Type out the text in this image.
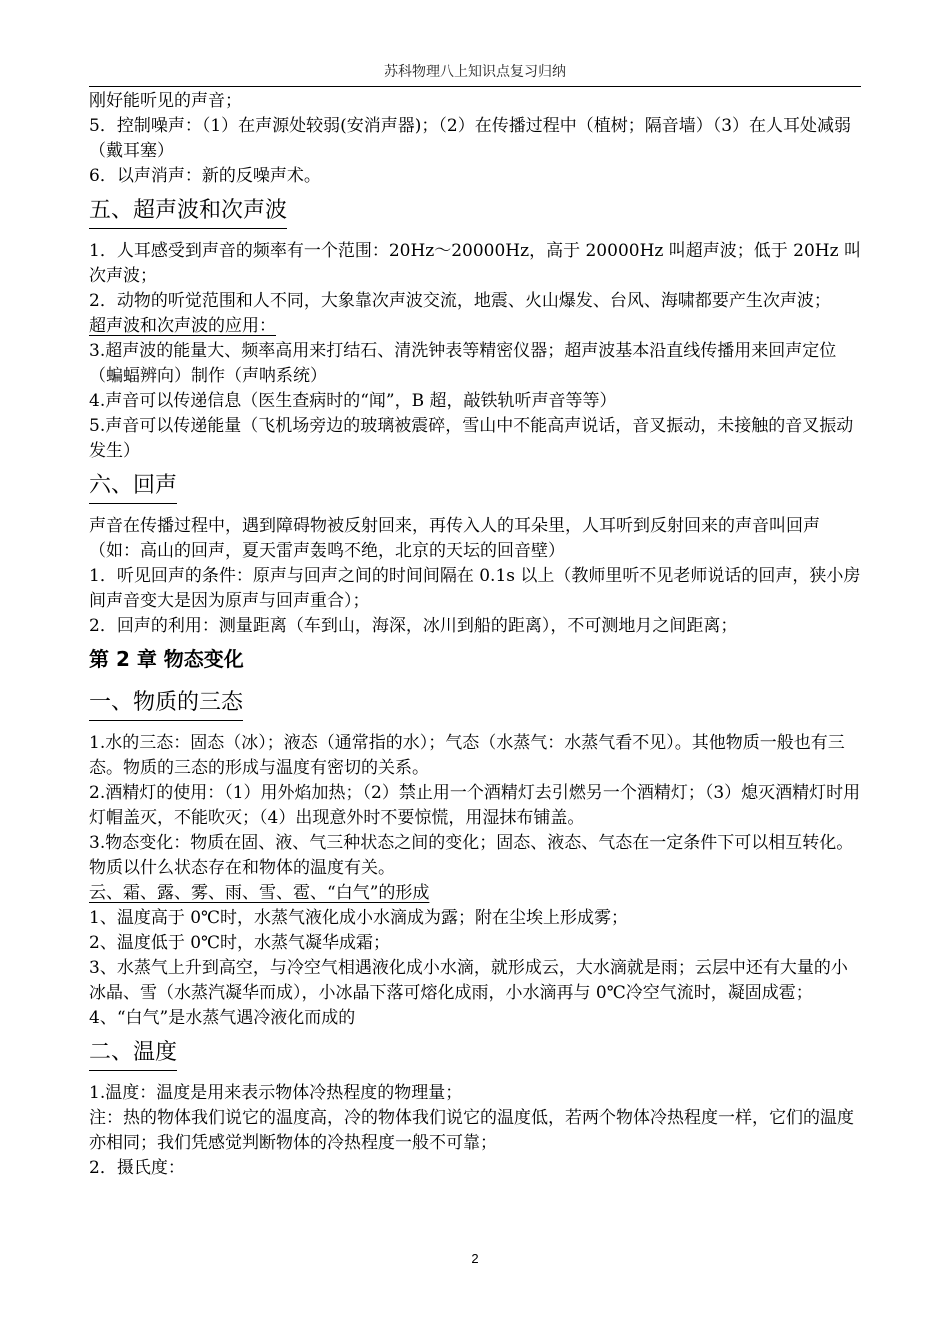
苏科物理八上知识点复习归纳

刚好能听见的声音；

5．控制噪声：（1）在声源处较弱(安消声器)；（2）在传播过程中（植树；隔音墙）（3）在人耳处减弱（戴耳塞）

6．以声消声：新的反噪声术。

五、超声波和次声波

1．人耳感受到声音的频率有一个范围：20Hz～20000Hz，高于 20000Hz 叫超声波；低于 20Hz 叫次声波；

2．动物的听觉范围和人不同，大象靠次声波交流，地震、火山爆发、台风、海啸都要产生次声波；

超声波和次声波的应用：

3.超声波的能量大、频率高用来打结石、清洗钟表等精密仪器；超声波基本沿直线传播用来回声定位（蝙蝠辨向）制作（声呐系统）

4.声音可以传递信息（医生查病时的“闻”，B 超，敲铁轨听声音等等）

5.声音可以传递能量（飞机场旁边的玻璃被震碎，雪山中不能高声说话，音叉振动，未接触的音叉振动发生）

六、回声

声音在传播过程中，遇到障碍物被反射回来，再传入人的耳朵里，人耳听到反射回来的声音叫回声（如：高山的回声，夏天雷声轰鸣不绝，北京的天坛的回音壁）

1．听见回声的条件：原声与回声之间的时间间隔在 0.1s 以上（教师里听不见老师说话的回声，狭小房间声音变大是因为原声与回声重合）；

2．回声的利用：测量距离（车到山，海深，冰川到船的距离），不可测地月之间距离；

第 2 章 物态变化
一、物质的三态

1.水的三态：固态（冰）；液态（通常指的水）；气态（水蒸气：水蒸气看不见）。其他物质一般也有三态。物质的三态的形成与温度有密切的关系。

2.酒精灯的使用：（1）用外焰加热；（2）禁止用一个酒精灯去引燃另一个酒精灯；（3）熄灭酒精灯时用灯帽盖灭，不能吹灭；（4）出现意外时不要惊慌，用湿抹布铺盖。

3.物态变化：物质在固、液、气三种状态之间的变化；固态、液态、气态在一定条件下可以相互转化。物质以什么状态存在和物体的温度有关。

云、霜、露、雾、雨、雪、雹、“白气”的形成

1、温度高于 0℃时，水蒸气液化成小水滴成为露；附在尘埃上形成雾；

2、温度低于 0℃时，水蒸气凝华成霜；

3、水蒸气上升到高空，与冷空气相遇液化成小水滴，就形成云，大水滴就是雨；云层中还有大量的小冰晶、雪（水蒸汽凝华而成），小冰晶下落可熔化成雨，小水滴再与 0℃冷空气流时，凝固成雹；

4、“白气”是水蒸气遇冷液化而成的

二、温度

1.温度：温度是用来表示物体冷热程度的物理量；

注：热的物体我们说它的温度高，冷的物体我们说它的温度低，若两个物体冷热程度一样，它们的温度亦相同；我们凭感觉判断物体的冷热程度一般不可靠；

2．摄氏度：

2
